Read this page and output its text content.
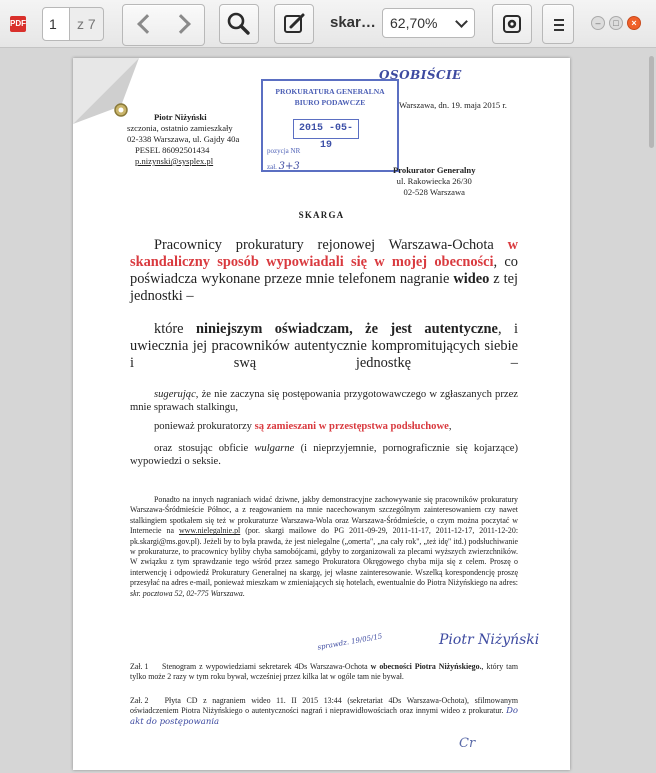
PDF	1	z 7	skar…	62,70%	–	□	×
OSOBIŚCIE
PROKURATURA GENERALNA
BIURO PODAWCZE
2015 -05- 19
pozycja NR
zał. 3+3
Piotr Niżyński
szczonia, ostatnio zamieszkały
02-338 Warszawa, ul. Gajdy 40a
PESEL 86092501434
p.nizynski@sysplex.pl
Warszawa, dn. 19. maja 2015 r.
Prokurator Generalny
ul. Rakowiecka 26/30
02-528 Warszawa
SKARGA
Pracownicy prokuratury rejonowej Warszawa-Ochota w skandaliczny sposób wypowiadali się w mojej obecności, co poświadcza wykonane przeze mnie telefonem nagranie wideo z tej jednostki –
które niniejszym oświadczam, że jest autentyczne, i uwiecznia jej pracowników autentycznie kompromitujących siebie i swą jednostkę –
sugerując, że nie zaczyna się postępowania przygotowawczego w zgłaszanych przez mnie sprawach stalkingu,
ponieważ prokuratorzy są zamieszani w przestępstwa podsłuchowe,
oraz stosując obficie wulgarne (i nieprzyjemnie, pornograficznie się kojarzące) wypowiedzi o seksie.
Ponadto na innych nagraniach widać dziwne, jakby demonstracyjne zachowywanie się pracowników prokuratury Warszawa-Śródmieście Północ, a z reagowaniem na mnie nacechowanym szczególnym zainteresowaniem czy nawet stalkingiem spotkałem się też w prokuraturze Warszawa-Wola oraz Warszawa-Śródmieście, o czym można poczytać w Internecie na www.nielegalnie.pl (por. skargi mailowe do PG 2011-09-29, 2011-11-17, 2011-12-17, 2011-12-20: pk.skargi@ms.gov.pl). Jeżeli by to była prawda, że jest nielegalne („omerta", „na cały rok", „też idę" itd.) podsłuchiwanie w prokuraturze, to pracownicy byliby chyba samobójcami, gdyby to zorganizowali za plecami wyższych zwierzchników. W związku z tym sprawdzanie tego wśród przez samego Prokuratora Okręgowego chyba mija się z celem. Proszę o interwencję i odpowiedź Prokuratury Generalnej na skargę, jej własne zainteresowanie. Wszelką korespondencję proszę przesyłać na adres e-mail, ponieważ mieszkam w zmieniających się hotelach, ewentualnie do Piotra Niżyńskiego na adres: skr. pocztowa 52, 02-775 Warszawa.
sprawdz. 19/05/15	Piotr Niżyński
Zał. 1 Stenogram z wypowiedziami sekretarek 4Ds Warszawa-Ochota w obecności Piotra Niżyńskiego., który tam tylko może 2 razy w tym roku bywał, wcześniej przez kilka lat w ogóle tam nie bywał.
Zał. 2 Płyta CD z nagraniem wideo 11. II 2015 13:44 (sekretariat 4Ds Warszawa-Ochota), sfilmowanym oświadczeniem Piotra Niżyńskiego o autentyczności nagrań i nieprawidłowościach oraz innymi wideo z prokuratur. Do akt do postępowania
Cr
